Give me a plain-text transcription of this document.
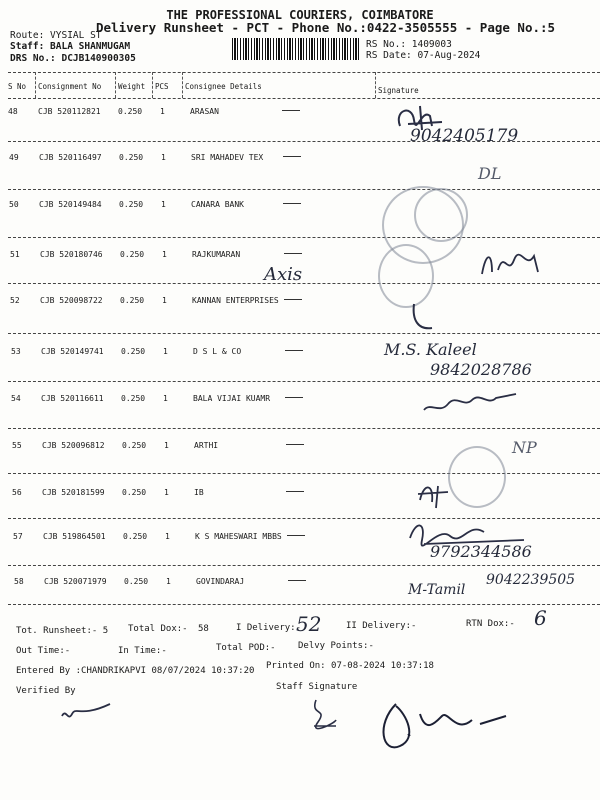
THE PROFESSIONAL COURIERS, COIMBATORE
Delivery Runsheet - PCT - Phone No.:0422-3505555 - Page No.:5
Route: VYSIAL ST
Staff: BALA SHANMUGAM
DRS No.: DCJB140900305
RS No.: 1409003
RS Date: 07-Aug-2024
S No Consignment No Weight PCS Consignee Details	Signature
48	CJB 520112821 0.250 1	ARASAN
49	CJB 520116497 0.250 1	SRI MAHADEV TEX
50	CJB 520149484 0.250 1	CANARA BANK
51	CJB 520180746 0.250 1	RAJKUMARAN
52	CJB 520098722 0.250 1	KANNAN ENTERPRISES
53	CJB 520149741 0.250 1	D S L & CO
54	CJB 520116611 0.250 1	BALA VIJAI KUAMR
55	CJB 520096812 0.250 1	ARTHI
56	CJB 520181599 0.250 1	IB
57	CJB 519864501 0.250 1	K S MAHESWARI MBBS
58	CJB 520071979 0.250 1	GOVINDARAJ
9042405179
DL
Axis
M.S. Kaleel
9842028786
NP
9792344586
M-Tamil
9042239505
Tot. Runsheet:- 5 Total Dox:- 58	I Delivery:-
52	II Delivery:-	RTN Dox:- 6
Out Time:-	In Time:-	Total POD:- Delvy Points:-
Entered By :CHANDRIKAPVI 08/07/2024 10:37:20 Printed On: 07-08-2024 10:37:18
Staff Signature
Verified By
